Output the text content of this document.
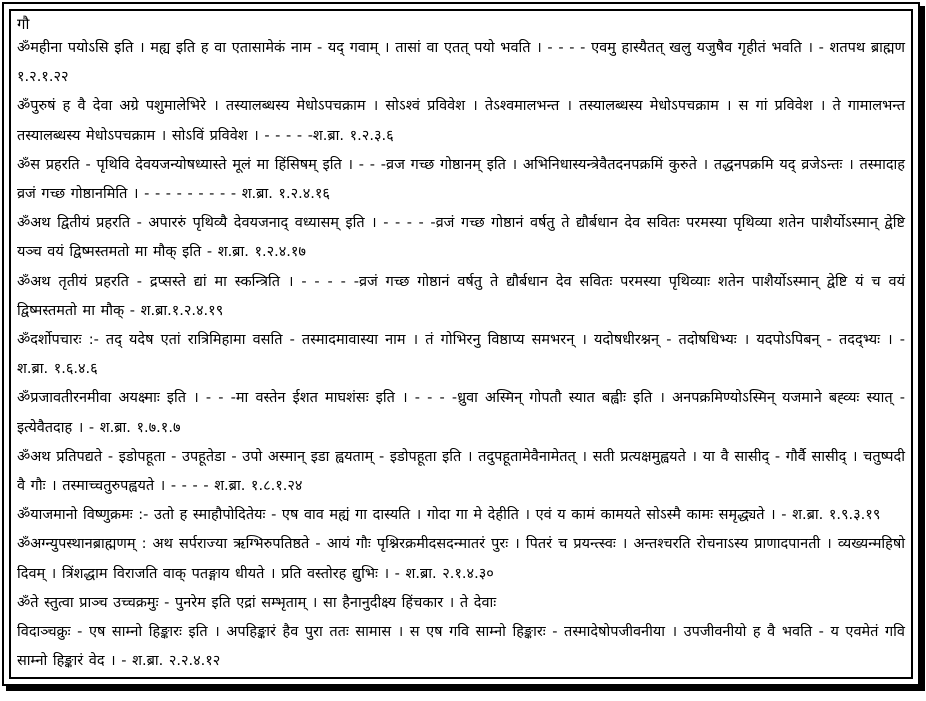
गौ

ॐमहीना पयोऽसि इति । मह्य इति ह वा एतासामेकं नाम - यद् गवाम् । तासां वा एतत् पयो भवति । - - - - एवमु हास्यैतत् खलु यजुषैव गृहीतं भवति । - शतपथ ब्राह्मण १.२.१.२२

ॐपुरुषं ह वै देवा अग्रे पशुमालेभिरे । तस्यालब्धस्य मेधोऽपचक्राम । सोऽश्वं प्रविवेश । तेऽश्वमालभन्त । तस्यालब्धस्य मेधोऽपचक्राम । स गां प्रविवेश । ते गामालभन्त तस्यालब्धस्य मेधोऽपचक्राम । सोऽविं प्रविवेश । - - - - -श.ब्रा. १.२.३.६

ॐस प्रहरति - पृथिवि देवयजन्योषध्यास्ते मूलं मा हिंसिषम् इति । - - -व्रज गच्छ गोष्ठानम् इति । अभिनिधास्यन्त्रेवैतदनपक्रमिं कुरुते । तद्धनपक्रमि यद् व्रजेऽन्तः । तस्मादाह व्रजं गच्छ गोष्ठानमिति । - - - - - - - - - श.ब्रा. १.२.४.१६

ॐअथ द्वितीयं प्रहरति - अपाररुं पृथिव्यै देवयजनाद् वध्यासम् इति । - - - - -व्रजं गच्छ गोष्ठानं वर्षतु ते द्यौर्बधान देव सवितः परमस्या पृथिव्या शतेन पाशैर्योऽस्मान् द्वेष्टि यञ्च वयं द्विष्मस्तमतो मा मौक् इति - श.ब्रा. १.२.४.१७

ॐअथ तृतीयं प्रहरति - द्रप्सस्ते द्यां मा स्कन्त्रिति । - - - - -व्रजं गच्छ गोष्ठानं वर्षतु ते द्यौर्बधान देव सवितः परमस्या पृथिव्याः शतेन पाशैर्योऽस्मान् द्वेष्टि यं च वयं द्विष्मस्तमतो मा मौक् - श.ब्रा.१.२.४.१९

ॐदर्शोपचारः :- तद् यदेष एतां रात्रिमिहामा वसति - तस्मादमावास्या नाम । तं गोभिरनु विष्ठाप्य समभरन् । यदोषधीरश्नन् - तदोषधिभ्यः । यदपोऽपिबन् - तदद्भ्यः । - श.ब्रा. १.६.४.६

ॐप्रजावतीरनमीवा अयक्ष्माः इति । - - -मा वस्तेन ईशत माघशंसः इति । - - - -ध्रुवा अस्मिन् गोपतौ स्यात बह्वीः इति । अनपक्रमिण्योऽस्मिन् यजमाने बह्व्यः स्यात् - इत्येवैतदाह । - श.ब्रा. १.७.१.७

ॐअथ प्रतिपद्यते - इडोपहूता - उपहूतेडा - उपो अस्मान् इडा ह्वयताम् - इडोपहूता इति । तदुपहूतामेवैनामेतत् । सती प्रत्यक्षमुह्वयते । या वै सासीद् - गौर्वै सासीद् । चतुष्पदी वै गौः । तस्माच्चतुरुपह्वयते । - - - - श.ब्रा. १.८.१.२४

ॐयाजमानो विष्णुक्रमः :- उतो ह स्माहौपोदितेयः - एष वाव मह्यं गा दास्यति । गोदा गा मे देहीति । एवं य कामं कामयते सोऽस्मै कामः समृद्ध्यते । - श.ब्रा. १.९.३.१९

ॐअग्न्युपस्थानब्राह्मणम् : अथ सर्पराज्या ऋग्भिरुपतिष्ठते - आयं गौः पृश्निरक्रमीदसदन्मातरं पुरः । पितरं च प्रयन्त्स्वः । अन्तश्चरति रोचनाऽस्य प्राणादपानती । व्यख्यन्महिषो दिवम् । त्रिंशद्धाम विराजति वाक् पतङ्गाय धीयते । प्रति वस्तोरह द्युभिः । - श.ब्रा. २.१.४.३०

ॐते स्तुत्वा प्राञ्च उच्चक्रमुः - पुनरेम इति एद्रां सम्भृताम् । सा हैनानुदीक्ष्य हिंचकार । ते देवाः

विदाञ्चक्रुः - एष साम्नो हिङ्कारः इति । अपहिङ्कारं हैव पुरा ततः सामास । स एष गवि साम्नो हिङ्कारः - तस्मादेषोपजीवनीया । उपजीवनीयो ह वै भवति - य एवमेतं गवि साम्नो हिङ्कारं वेद । - श.ब्रा. २.२.४.१२
